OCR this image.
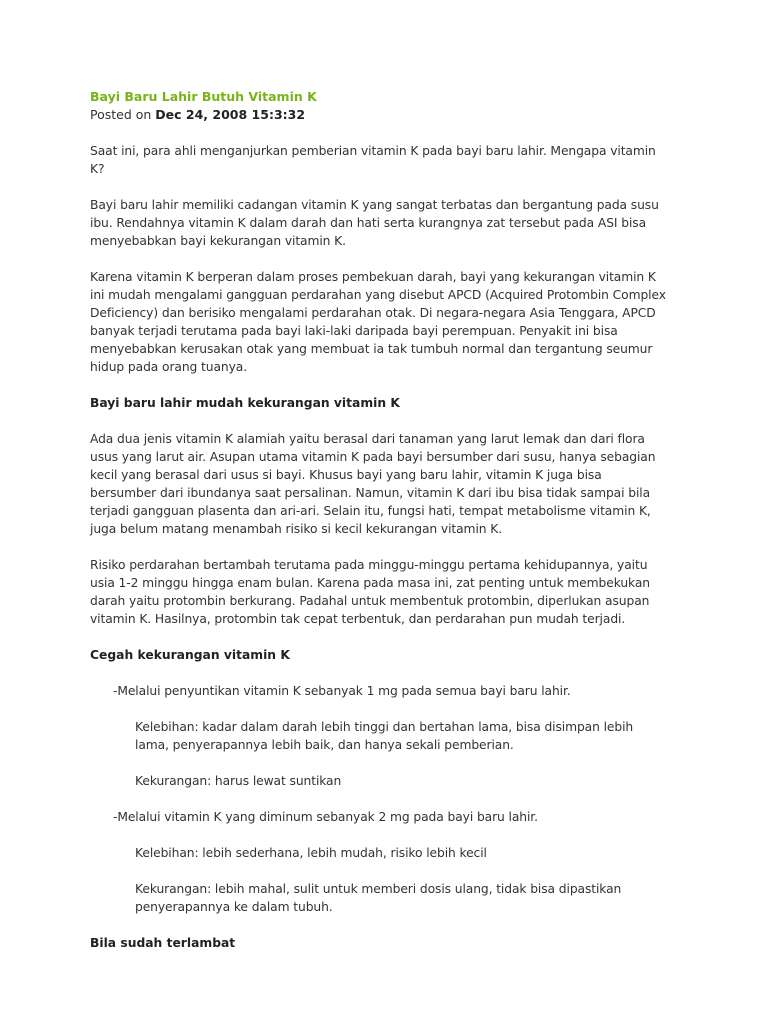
Bayi Baru Lahir Butuh Vitamin K
Posted on Dec 24, 2008 15:3:32

Saat ini, para ahli menganjurkan pemberian vitamin K pada bayi baru lahir. Mengapa vitamin K?

Bayi baru lahir memiliki cadangan vitamin K yang sangat terbatas dan bergantung pada susu ibu. Rendahnya vitamin K dalam darah dan hati serta kurangnya zat tersebut pada ASI bisa menyebabkan bayi kekurangan vitamin K.

Karena vitamin K berperan dalam proses pembekuan darah, bayi yang kekurangan vitamin K ini mudah mengalami gangguan perdarahan yang disebut APCD (Acquired Protombin Complex Deficiency) dan berisiko mengalami perdarahan otak. Di negara-negara Asia Tenggara, APCD banyak terjadi terutama pada bayi laki-laki daripada bayi perempuan. Penyakit ini bisa menyebabkan kerusakan otak yang membuat ia tak tumbuh normal dan tergantung seumur hidup pada orang tuanya.

Bayi baru lahir mudah kekurangan vitamin K

Ada dua jenis vitamin K alamiah yaitu berasal dari tanaman yang larut lemak dan dari flora usus yang larut air. Asupan utama vitamin K pada bayi bersumber dari susu, hanya sebagian kecil yang berasal dari usus si bayi. Khusus bayi yang baru lahir, vitamin K juga bisa bersumber dari ibundanya saat persalinan. Namun, vitamin K dari ibu bisa tidak sampai bila terjadi gangguan plasenta dan ari-ari. Selain itu, fungsi hati, tempat metabolisme vitamin K, juga belum matang menambah risiko si kecil kekurangan vitamin K.

Risiko perdarahan bertambah terutama pada minggu-minggu pertama kehidupannya, yaitu usia 1-2 minggu hingga enam bulan. Karena pada masa ini, zat penting untuk membekukan darah yaitu protombin berkurang. Padahal untuk membentuk protombin, diperlukan asupan vitamin K. Hasilnya, protombin tak cepat terbentuk, dan perdarahan pun mudah terjadi.

Cegah kekurangan vitamin K

-Melalui penyuntikan vitamin K sebanyak 1 mg pada semua bayi baru lahir.

Kelebihan: kadar dalam darah lebih tinggi dan bertahan lama, bisa disimpan lebih lama, penyerapannya lebih baik, dan hanya sekali pemberian.

Kekurangan: harus lewat suntikan

-Melalui vitamin K yang diminum sebanyak 2 mg pada bayi baru lahir.

Kelebihan: lebih sederhana, lebih mudah, risiko lebih kecil

Kekurangan: lebih mahal, sulit untuk memberi dosis ulang, tidak bisa dipastikan penyerapannya ke dalam tubuh.

Bila sudah terlambat
